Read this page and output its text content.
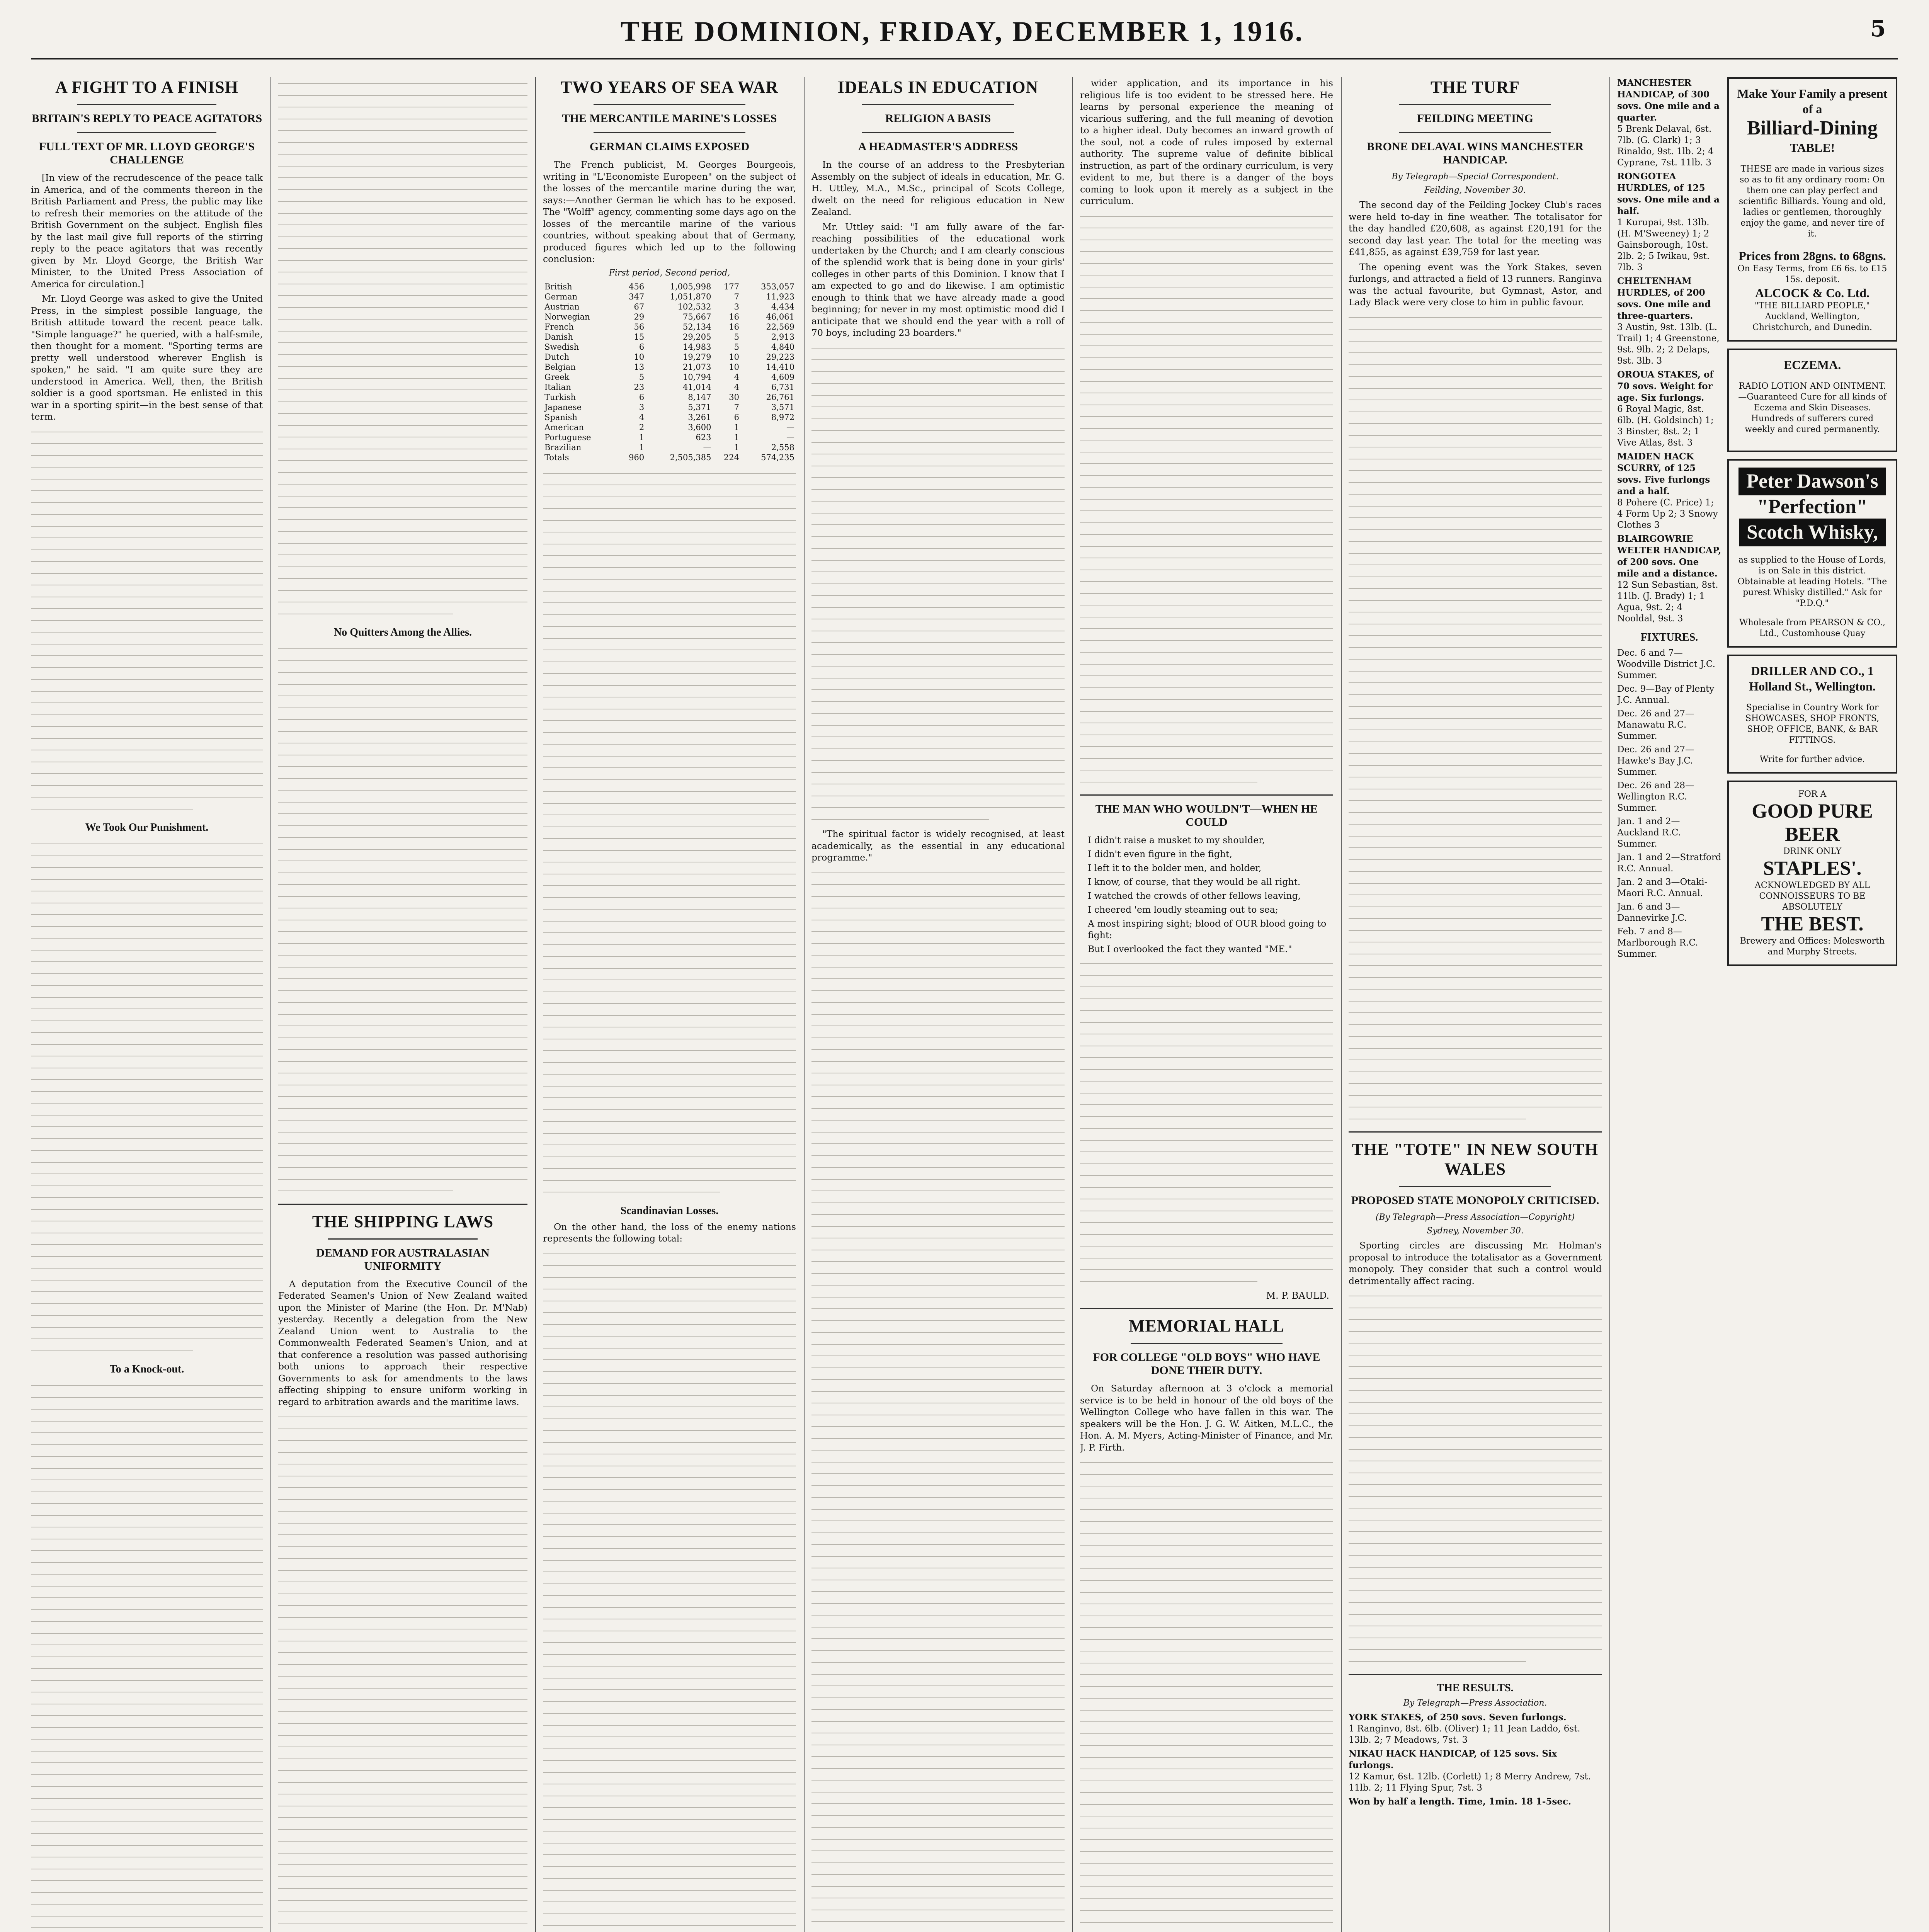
THE DOMINION, FRIDAY, DECEMBER 1, 1916.	5
A FIGHT TO A FINISH
BRITAIN'S REPLY TO PEACE AGITATORS
FULL TEXT OF MR. LLOYD GEORGE'S CHALLENGE

[In view of the recrudescence of the peace talk in America, and of the comments thereon in the British Parliament and Press, the public may like to refresh their memories on the attitude of the British Government on the subject. English files by the last mail give full reports of the stirring reply to the peace agitators that was recently given by Mr. Lloyd George, the British War Minister, to the United Press Association of America for circulation.]

Mr. Lloyd George was asked to give the United Press, in the simplest possible language, the British attitude toward the recent peace talk. "Simple language?" he queried, with a half-smile, then thought for a moment. "Sporting terms are pretty well understood wherever English is spoken," he said. "I am quite sure they are understood in America. Well, then, the British soldier is a good sportsman. He enlisted in this war in a sporting spirit—in the best sense of that term.

We Took Our Punishment.
To a Knock-out.
No Quitters Among the Allies.
THE SHIPPING LAWS
DEMAND FOR AUSTRALASIAN UNIFORMITY

A deputation from the Executive Council of the Federated Seamen's Union of New Zealand waited upon the Minister of Marine (the Hon. Dr. M'Nab) yesterday. Recently a delegation from the New Zealand Union went to Australia to the Commonwealth Federated Seamen's Union, and at that conference a resolution was passed authorising both unions to approach their respective Governments to ask for amendments to the laws affecting shipping to ensure uniform working in regard to arbitration awards and the maritime laws.

TWO YEARS OF SEA WAR
THE MERCANTILE MARINE'S LOSSES
GERMAN CLAIMS EXPOSED

The French publicist, M. Georges Bourgeois, writing in "L'Economiste Europeen" on the subject of the losses of the mercantile marine during the war, says:—Another German lie which has to be exposed. The "Wolff" agency, commenting some days ago on the losses of the mercantile marine of the various countries, without speaking about that of Germany, produced figures which led up to the following conclusion:

First period, Second period,
British	456	1,005,998	177	353,057
German	347	1,051,870	7	11,923
Austrian	67	102,532	3	4,434
Norwegian	29	75,667	16	46,061
French	56	52,134	16	22,569
Danish	15	29,205	5	2,913
Swedish	6	14,983	5	4,840
Dutch	10	19,279	10	29,223
Belgian	13	21,073	10	14,410
Greek	5	10,794	4	4,609
Italian	23	41,014	4	6,731
Turkish	6	8,147	30	26,761
Japanese	3	5,371	7	3,571
Spanish	4	3,261	6	8,972
American	2	3,600	1	—
Portuguese	1	623	1	—
Brazilian	1	—	1	2,558
Totals	960	2,505,385	224	574,235
Scandinavian Losses.

On the other hand, the loss of the enemy nations represents the following total:

IDEALS IN EDUCATION
RELIGION A BASIS
A HEADMASTER'S ADDRESS

In the course of an address to the Presbyterian Assembly on the subject of ideals in education, Mr. G. H. Uttley, M.A., M.Sc., principal of Scots College, dwelt on the need for religious education in New Zealand.

Mr. Uttley said: "I am fully aware of the far-reaching possibilities of the educational work undertaken by the Church; and I am clearly conscious of the splendid work that is being done in your girls' colleges in other parts of this Dominion. I know that I am expected to go and do likewise. I am optimistic enough to think that we have already made a good beginning; for never in my most optimistic mood did I anticipate that we should end the year with a roll of 70 boys, including 23 boarders."

"The spiritual factor is widely recognised, at least academically, as the essential in any educational programme."

wider application, and its importance in his religious life is too evident to be stressed here. He learns by personal experience the meaning of vicarious suffering, and the full meaning of devotion to a higher ideal. Duty becomes an inward growth of the soul, not a code of rules imposed by external authority. The supreme value of definite biblical instruction, as part of the ordinary curriculum, is very evident to me, but there is a danger of the boys coming to look upon it merely as a subject in the curriculum.

THE MAN WHO WOULDN'T—WHEN HE COULD

I didn't raise a musket to my shoulder,

I didn't even figure in the fight,

I left it to the bolder men, and holder,

I know, of course, that they would be all right.

I watched the crowds of other fellows leaving,

I cheered 'em loudly steaming out to sea;

A most inspiring sight; blood of OUR blood going to fight:

But I overlooked the fact they wanted "ME."

M. P. BAULD.
MEMORIAL HALL
FOR COLLEGE "OLD BOYS" WHO HAVE DONE THEIR DUTY.

On Saturday afternoon at 3 o'clock a memorial service is to be held in honour of the old boys of the Wellington College who have fallen in this war. The speakers will be the Hon. J. G. W. Aitken, M.L.C., the Hon. A. M. Myers, Acting-Minister of Finance, and Mr. J. P. Firth.

THE TURF
FEILDING MEETING
BRONE DELAVAL WINS MANCHESTER HANDICAP.
By Telegraph—Special Correspondent.
Feilding, November 30.

The second day of the Feilding Jockey Club's races were held to-day in fine weather. The totalisator for the day handled £20,608, as against £20,191 for the second day last year. The total for the meeting was £41,855, as against £39,759 for last year.

The opening event was the York Stakes, seven furlongs, and attracted a field of 13 runners. Ranginva was the actual favourite, but Gymnast, Astor, and Lady Black were very close to him in public favour.

THE "TOTE" IN NEW SOUTH WALES
PROPOSED STATE MONOPOLY CRITICISED.
(By Telegraph—Press Association—Copyright)
Sydney, November 30.

Sporting circles are discussing Mr. Holman's proposal to introduce the totalisator as a Government monopoly. They consider that such a control would detrimentally affect racing.

THE RESULTS.
By Telegraph—Press Association.
YORK STAKES, of 250 sovs. Seven furlongs.
1 Ranginvo, 8st. 6lb. (Oliver) 1; 11 Jean Laddo, 6st. 13lb. 2; 7 Meadows, 7st. 3
NIKAU HACK HANDICAP, of 125 sovs. Six furlongs.
12 Kamur, 6st. 12lb. (Corlett) 1; 8 Merry Andrew, 7st. 11lb. 2; 11 Flying Spur, 7st. 3
Won by half a length. Time, 1min. 18 1-5sec.
MANCHESTER HANDICAP, of 300 sovs. One mile and a quarter.
5 Brenk Delaval, 6st. 7lb. (G. Clark) 1; 3 Rinaldo, 9st. 1lb. 2; 4 Cyprane, 7st. 11lb. 3
RONGOTEA HURDLES, of 125 sovs. One mile and a half.
1 Kurupai, 9st. 13lb. (H. M'Sweeney) 1; 2 Gainsborough, 10st. 2lb. 2; 5 Iwikau, 9st. 7lb. 3
CHELTENHAM HURDLES, of 200 sovs. One mile and three-quarters.
3 Austin, 9st. 13lb. (L. Trail) 1; 4 Greenstone, 9st. 9lb. 2; 2 Delaps, 9st. 3lb. 3
OROUA STAKES, of 70 sovs. Weight for age. Six furlongs.
6 Royal Magic, 8st. 6lb. (H. Goldsinch) 1; 3 Binster, 8st. 2; 1 Vive Atlas, 8st. 3
MAIDEN HACK SCURRY, of 125 sovs. Five furlongs and a half.
8 Pohere (C. Price) 1; 4 Form Up 2; 3 Snowy Clothes 3
BLAIRGOWRIE WELTER HANDICAP, of 200 sovs. One mile and a distance.
12 Sun Sebastian, 8st. 11lb. (J. Brady) 1; 1 Agua, 9st. 2; 4 Nooldal, 9st. 3
FIXTURES.
Dec. 6 and 7—Woodville District J.C. Summer.
Dec. 9—Bay of Plenty J.C. Annual.
Dec. 26 and 27—Manawatu R.C. Summer.
Dec. 26 and 27—Hawke's Bay J.C. Summer.
Dec. 26 and 28—Wellington R.C. Summer.
Jan. 1 and 2—Auckland R.C. Summer.
Jan. 1 and 2—Stratford R.C. Annual.
Jan. 2 and 3—Otaki-Maori R.C. Annual.
Jan. 6 and 3—Dannevirke J.C.
Feb. 7 and 8—Marlborough R.C. Summer.
Make Your Family a present of a
Billiard-Dining
TABLE!

THESE are made in various sizes so as to fit any ordinary room: On them one can play perfect and scientific Billiards. Young and old, ladies or gentlemen, thoroughly enjoy the game, and never tire of it.

Prices from 28gns. to 68gns.
On Easy Terms, from £6 6s. to £15 15s. deposit.
ALCOCK & Co. Ltd.
"THE BILLIARD PEOPLE," Auckland, Wellington, Christchurch, and Dunedin.
ECZEMA.

RADIO LOTION AND OINTMENT.—Guaranteed Cure for all kinds of Eczema and Skin Diseases. Hundreds of sufferers cured weekly and cured permanently.

Peter Dawson's
"Perfection"
Scotch Whisky,

as supplied to the House of Lords, is on Sale in this district. Obtainable at leading Hotels. "The purest Whisky distilled." Ask for "P.D.Q."

Wholesale from PEARSON & CO., Ltd., Customhouse Quay
DRILLER AND CO., 1 Holland St., Wellington.

Specialise in Country Work for SHOWCASES, SHOP FRONTS, SHOP, OFFICE, BANK, & BAR FITTINGS.

Write for further advice.
FOR A
GOOD PURE BEER
DRINK ONLY
STAPLES'.
ACKNOWLEDGED BY ALL CONNOISSEURS TO BE ABSOLUTELY
THE BEST.
Brewery and Offices: Molesworth and Murphy Streets.
